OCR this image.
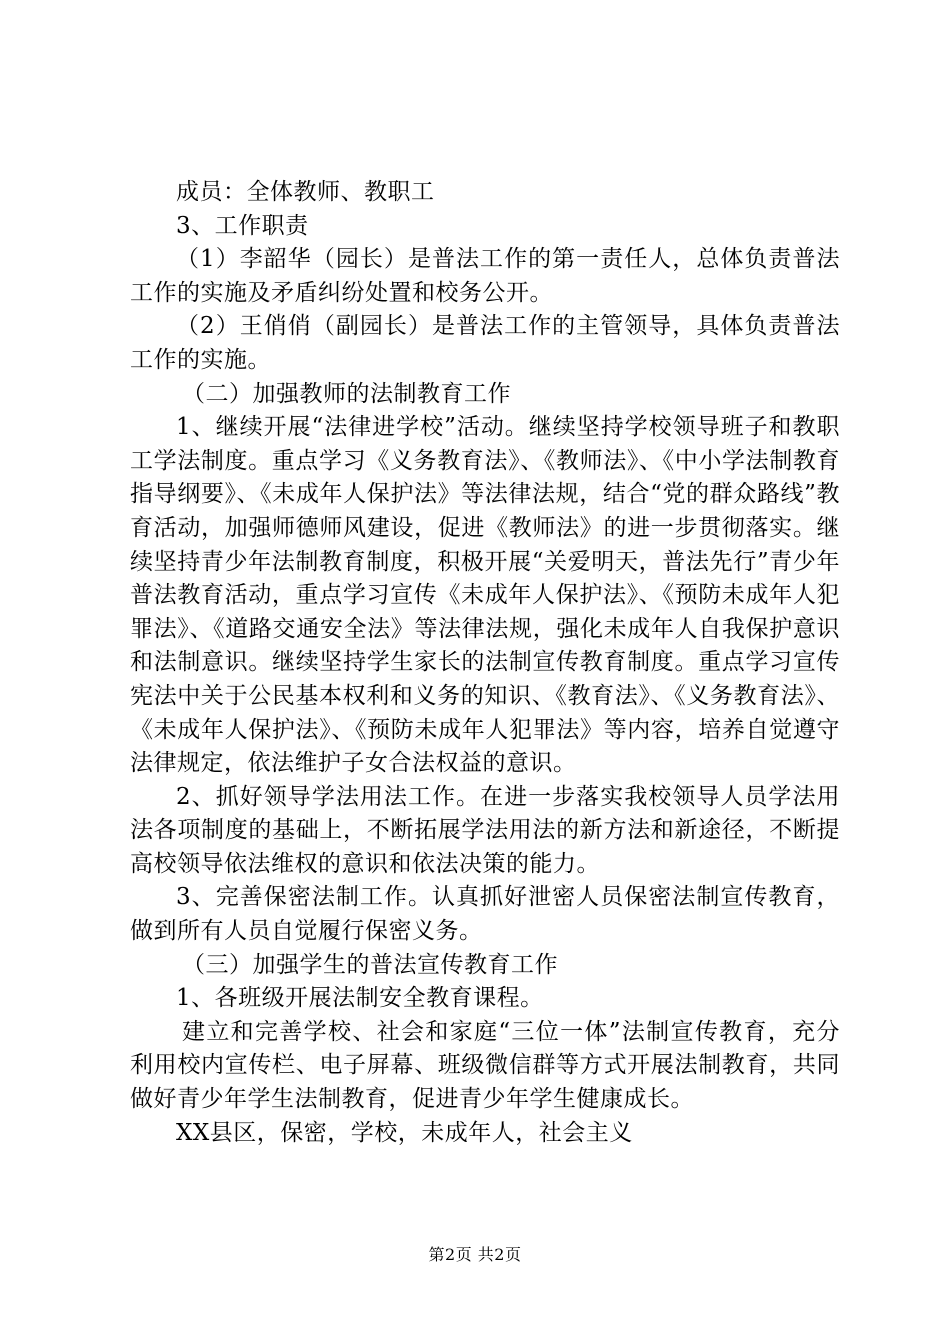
成员：全体教师、教职工

3、工作职责

（1）李韶华（园长）是普法工作的第一责任人，总体负责普法工作的实施及矛盾纠纷处置和校务公开。

（2）王俏俏（副园长）是普法工作的主管领导，具体负责普法工作的实施。

（二）加强教师的法制教育工作

1、继续开展“法律进学校”活动。继续坚持学校领导班子和教职工学法制度。重点学习《义务教育法》、《教师法》、《中小学法制教育指导纲要》、《未成年人保护法》等法律法规，结合“党的群众路线”教育活动，加强师德师风建设，促进《教师法》的进一步贯彻落实。继续坚持青少年法制教育制度，积极开展“关爱明天，普法先行”青少年普法教育活动，重点学习宣传《未成年人保护法》、《预防未成年人犯罪法》、《道路交通安全法》等法律法规，强化未成年人自我保护意识和法制意识。继续坚持学生家长的法制宣传教育制度。重点学习宣传宪法中关于公民基本权利和义务的知识、《教育法》、《义务教育法》、《未成年人保护法》、《预防未成年人犯罪法》等内容，培养自觉遵守法律规定，依法维护子女合法权益的意识。

2、抓好领导学法用法工作。在进一步落实我校领导人员学法用法各项制度的基础上，不断拓展学法用法的新方法和新途径，不断提高校领导依法维权的意识和依法决策的能力。

3、完善保密法制工作。认真抓好泄密人员保密法制宣传教育，做到所有人员自觉履行保密义务。

（三）加强学生的普法宣传教育工作

1、各班级开展法制安全教育课程。

建立和完善学校、社会和家庭“三位一体”法制宣传教育，充分利用校内宣传栏、电子屏幕、班级微信群等方式开展法制教育，共同做好青少年学生法制教育，促进青少年学生健康成长。

XX县区，保密，学校，未成年人，社会主义

第2页 共2页
